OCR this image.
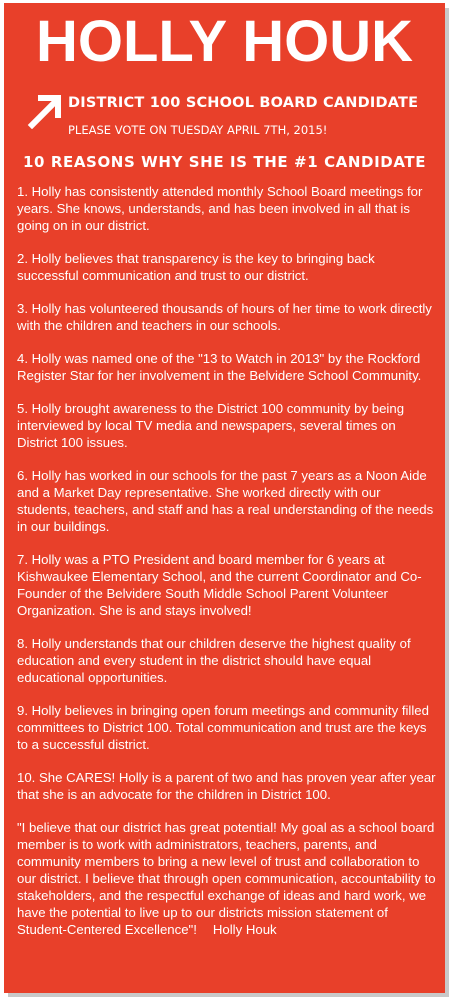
HOLLY HOUK
DISTRICT 100 SCHOOL BOARD CANDIDATE
PLEASE VOTE ON TUESDAY APRIL 7TH, 2015!
10 REASONS WHY SHE IS THE #1 CANDIDATE

1. Holly has consistently attended monthly School Board meetings for years. She knows, understands, and has been involved in all that is going on in our district.

2. Holly believes that transparency is the key to bringing back successful communication and trust to our district.

3. Holly has volunteered thousands of hours of her time to work directly with the children and teachers in our schools.

4. Holly was named one of the "13 to Watch in 2013" by the Rockford Register Star for her involvement in the Belvidere School Community.

5. Holly brought awareness to the District 100 community by being interviewed by local TV media and newspapers, several times on District 100 issues.

6. Holly has worked in our schools for the past 7 years as a Noon Aide and a Market Day representative. She worked directly with our students, teachers, and staff and has a real understanding of the needs in our buildings.

7. Holly was a PTO President and board member for 6 years at Kishwaukee Elementary School, and the current Coordinator and Co-Founder of the Belvidere South Middle School Parent Volunteer Organization. She is and stays involved!

8. Holly understands that our children deserve the highest quality of education and every student in the district should have equal educational opportunities.

9. Holly believes in bringing open forum meetings and community filled committees to District 100. Total communication and trust are the keys to a successful district.

10. She CARES! Holly is a parent of two and has proven year after year that she is an advocate for the children in District 100.

"I believe that our district has great potential! My goal as a school board member is to work with administrators, teachers, parents, and community members to bring a new level of trust and collaboration to our district. I believe that through open communication, accountability to stakeholders, and the respectful exchange of ideas and hard work, we have the potential to live up to our districts mission statement of Student-Centered Excellence"! Holly Houk
